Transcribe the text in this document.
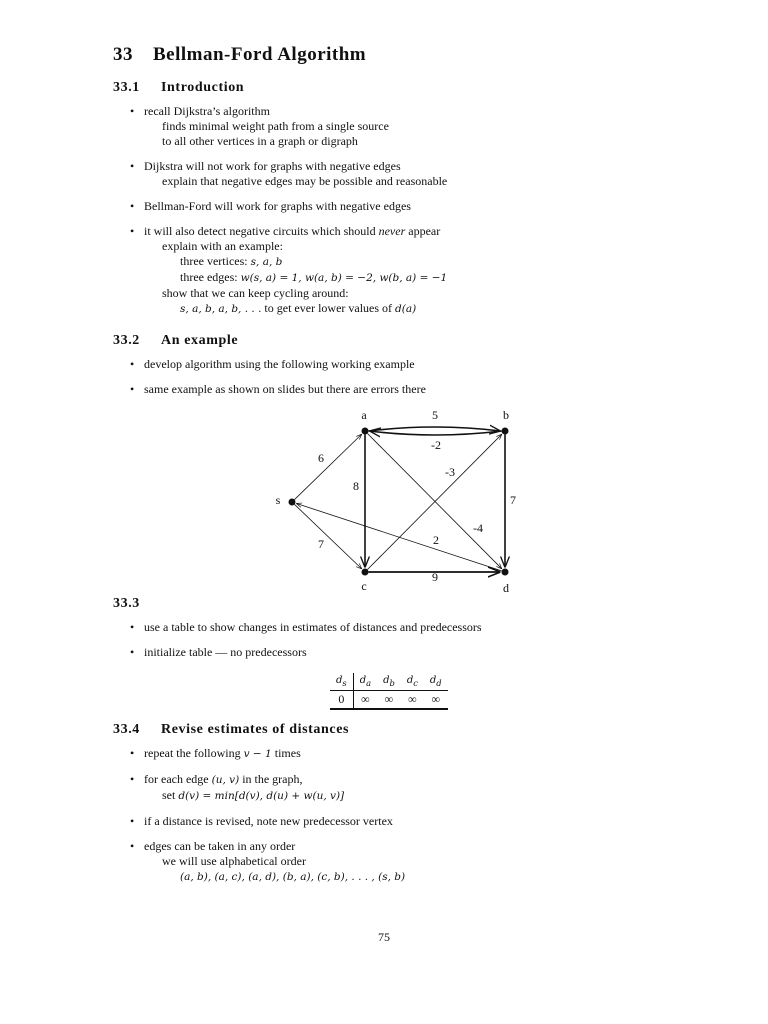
33 Bellman-Ford Algorithm
33.1 Introduction
• recall Dijkstra’s algorithm
finds minimal weight path from a single source
to all other vertices in a graph or digraph
• Dijkstra will not work for graphs with negative edges
explain that negative edges may be possible and reasonable
• Bellman-Ford will work for graphs with negative edges
• it will also detect negative circuits which should never appear
explain with an example:
three vertices: s, a, b
three edges: w(s, a) = 1, w(a, b) = −2, w(b, a) = −1
show that we can keep cycling around:
s, a, b, a, b, . . . to get ever lower values of d(a)
33.2 An example
• develop algorithm using the following working example
• same example as shown on slides but there are errors there
6
7
5
-2
8
-4
7
-3
9
2
s
a	b
c	d
33.3
• use a table to show changes in estimates of distances and predecessors
• initialize table — no predecessors
$d_s$	$d_a$	$d_b$	$d_c$	$d_d$
0	∞	∞	∞	∞
33.4 Revise estimates of distances
• repeat the following v − 1 times
• for each edge (u, v) in the graph,
set d(v) = min[d(v), d(u) + w(u, v)]
• if a distance is revised, note new predecessor vertex
• edges can be taken in any order
we will use alphabetical order
(a, b), (a, c), (a, d), (b, a), (c, b), . . . , (s, b)
75
